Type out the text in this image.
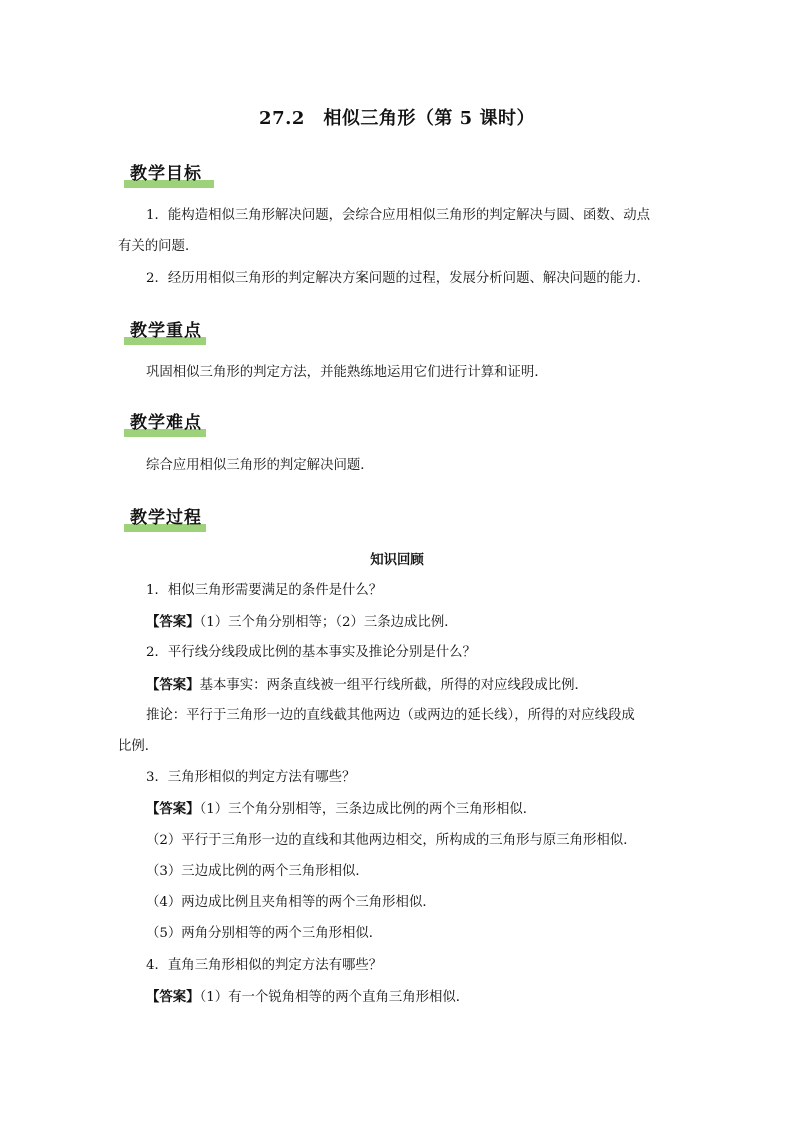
27.2　相似三角形（第 5 课时）
教学目标
1．能构造相似三角形解决问题，会综合应用相似三角形的判定解决与圆、函数、动点
有关的问题．
2．经历用相似三角形的判定解决方案问题的过程，发展分析问题、解决问题的能力．
教学重点
巩固相似三角形的判定方法，并能熟练地运用它们进行计算和证明．
教学难点
综合应用相似三角形的判定解决问题．
教学过程
知识回顾
1．相似三角形需要满足的条件是什么？
【答案】（1）三个角分别相等；（2）三条边成比例．
2．平行线分线段成比例的基本事实及推论分别是什么？
【答案】基本事实：两条直线被一组平行线所截，所得的对应线段成比例．
推论：平行于三角形一边的直线截其他两边（或两边的延长线），所得的对应线段成
比例．
3．三角形相似的判定方法有哪些？
【答案】（1）三个角分别相等，三条边成比例的两个三角形相似．
（2）平行于三角形一边的直线和其他两边相交，所构成的三角形与原三角形相似．
（3）三边成比例的两个三角形相似．
（4）两边成比例且夹角相等的两个三角形相似．
（5）两角分别相等的两个三角形相似．
4．直角三角形相似的判定方法有哪些？
【答案】（1）有一个锐角相等的两个直角三角形相似．
